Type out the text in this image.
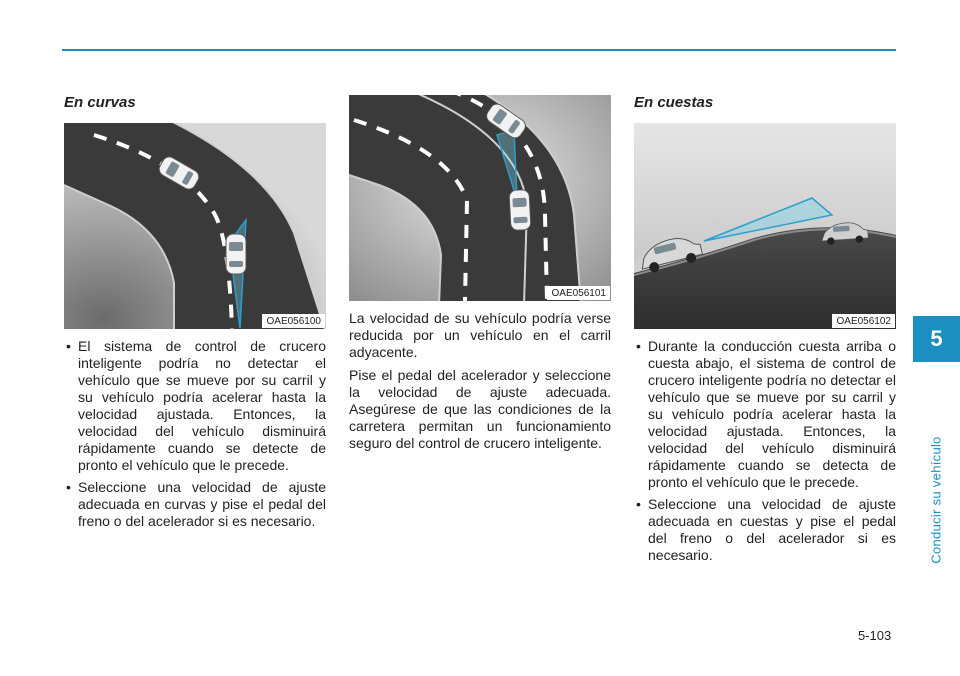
5
Conducir su vehículo
En curvas
OAE056100
• El sistema de control de crucero inteligente podría no detectar el vehículo que se mueve por su carril y su vehículo podría acelerar hasta la velocidad ajustada. Entonces, la velocidad del vehículo disminuirá rápidamente cuando se detecte de pronto el vehículo que le precede.
• Seleccione una velocidad de ajuste adecuada en curvas y pise el pedal del freno o del acelerador si es necesario.
OAE056101

La velocidad de su vehículo podría verse reducida por un vehículo en el carril adyacente.

Pise el pedal del acelerador y seleccione la velocidad de ajuste adecuada. Asegúrese de que las condiciones de la carretera permitan un funcionamiento seguro del control de crucero inteligente.

En cuestas
OAE056102
• Durante la conducción cuesta arriba o cuesta abajo, el sistema de control de crucero inteligente podría no detectar el vehículo que se mueve por su carril y su vehículo podría acelerar hasta la velocidad ajustada. Entonces, la velocidad del vehículo disminuirá rápidamente cuando se detecta de pronto el vehículo que le precede.
• Seleccione una velocidad de ajuste adecuada en cuestas y pise el pedal del freno o del acelerador si es necesario.
5-103
